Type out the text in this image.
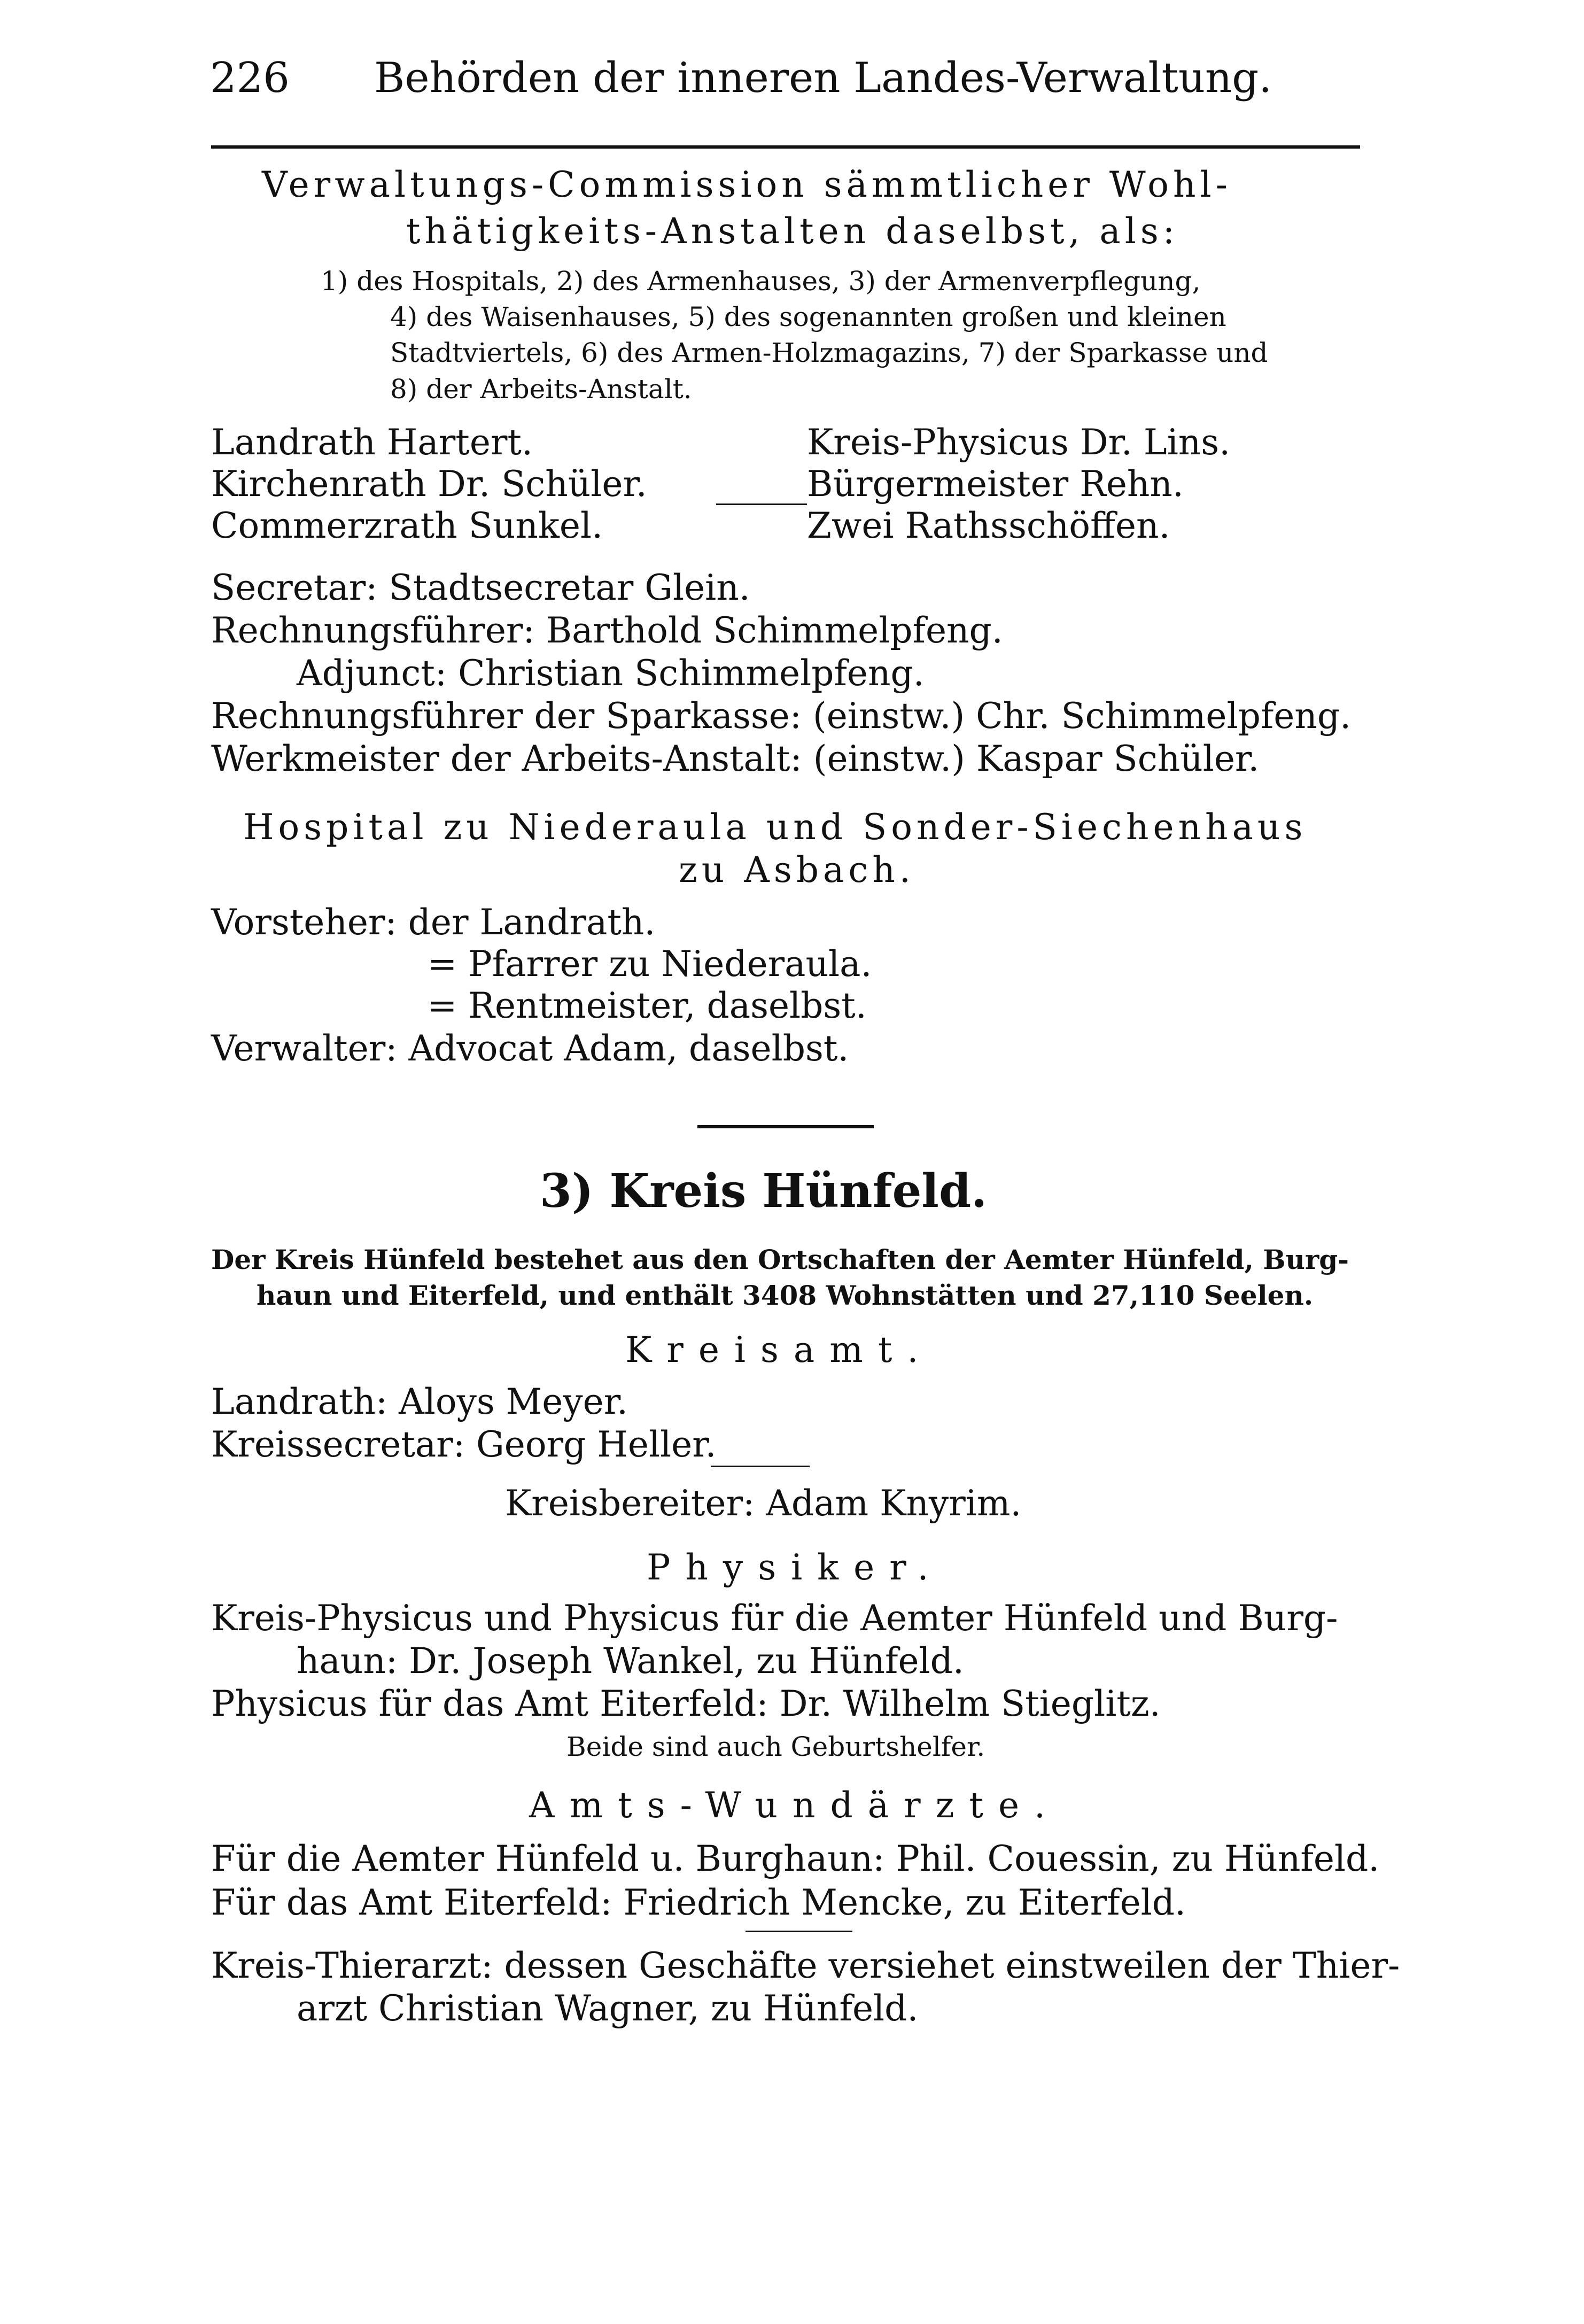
226 Behörden der inneren Landes-Verwaltung.
Verwaltungs-Commission sämmtlicher Wohl-
thätigkeits-Anstalten daselbst, als:
1) des Hospitals, 2) des Armenhauses, 3) der Armenverpflegung,
4) des Waisenhauses, 5) des sogenannten großen und kleinen
Stadtviertels, 6) des Armen-Holzmagazins, 7) der Sparkasse und
8) der Arbeits-Anstalt.
Landrath Hartert.
Kirchenrath Dr. Schüler.
Commerzrath Sunkel.
Kreis-Physicus Dr. Lins.
Bürgermeister Rehn.
Zwei Rathsschöffen.
Secretar: Stadtsecretar Glein.
Rechnungsführer: Barthold Schimmelpfeng.
Adjunct: Christian Schimmelpfeng.
Rechnungsführer der Sparkasse: (einstw.) Chr. Schimmelpfeng.
Werkmeister der Arbeits-Anstalt: (einstw.) Kaspar Schüler.
Hospital zu Niederaula und Sonder-Siechenhaus
zu Asbach.
Vorsteher: der Landrath.
= Pfarrer zu Niederaula.
= Rentmeister, daselbst.
Verwalter: Advocat Adam, daselbst.
3) Kreis Hünfeld.
Der Kreis Hünfeld bestehet aus den Ortschaften der Aemter Hünfeld, Burg-
haun und Eiterfeld, und enthält 3408 Wohnstätten und 27,110 Seelen.
Kreisamt.
Landrath: Aloys Meyer.
Kreissecretar: Georg Heller.
Kreisbereiter: Adam Knyrim.
Physiker.
Kreis-Physicus und Physicus für die Aemter Hünfeld und Burg-
haun: Dr. Joseph Wankel, zu Hünfeld.
Physicus für das Amt Eiterfeld: Dr. Wilhelm Stieglitz.
Beide sind auch Geburtshelfer.
Amts-Wundärzte.
Für die Aemter Hünfeld u. Burghaun: Phil. Couessin, zu Hünfeld.
Für das Amt Eiterfeld: Friedrich Mencke, zu Eiterfeld.
Kreis-Thierarzt: dessen Geschäfte versiehet einstweilen der Thier-
arzt Christian Wagner, zu Hünfeld.
